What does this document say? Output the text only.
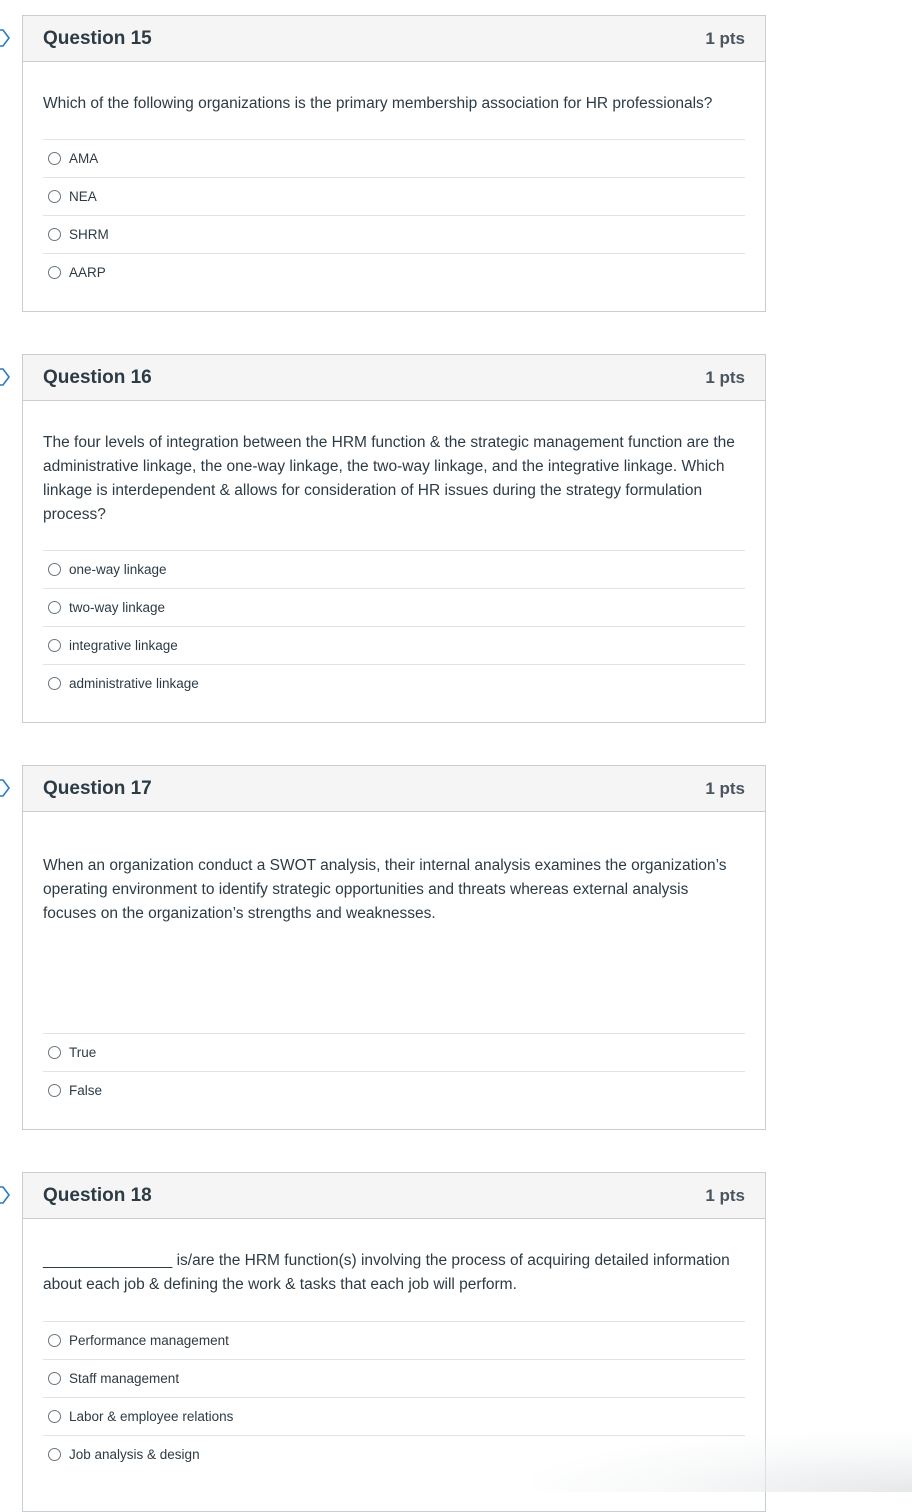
Question 15	1 pts
Which of the following organizations is the primary membership association for HR professionals?
AMA
NEA
SHRM
AARP
Question 16	1 pts
The four levels of integration between the HRM function & the strategic management function are the administrative linkage, the one-way linkage, the two-way linkage, and the integrative linkage. Which linkage is interdependent & allows for consideration of HR issues during the strategy formulation process?
one-way linkage
two-way linkage
integrative linkage
administrative linkage
Question 17	1 pts
When an organization conduct a SWOT analysis, their internal analysis examines the organization’s operating environment to identify strategic opportunities and threats whereas external analysis focuses on the organization’s strengths and weaknesses.
True
False
Question 18	1 pts
_______________ is/are the HRM function(s) involving the process of acquiring detailed information about each job & defining the work & tasks that each job will perform.
Performance management
Staff management
Labor & employee relations
Job analysis & design
